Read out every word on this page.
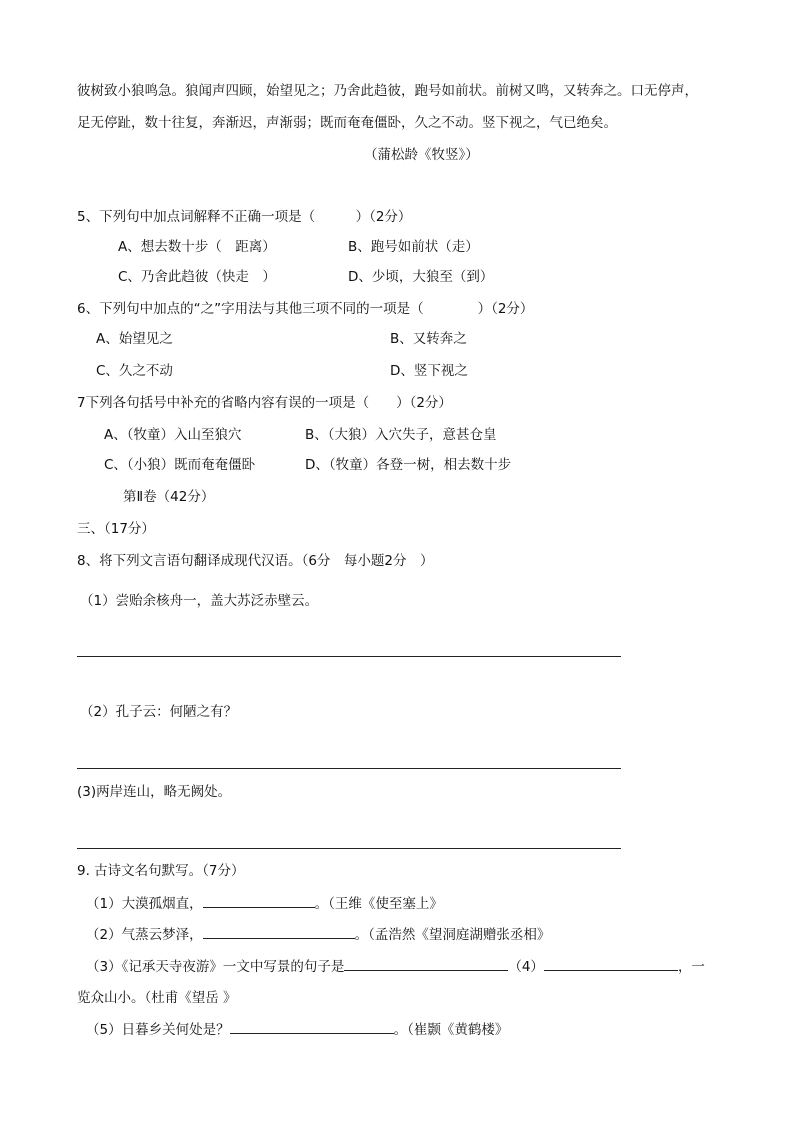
彼树致小狼鸣急。狼闻声四顾，始望见之；乃舍此趋彼，跑号如前状。前树又鸣，又转奔之。口无停声，
足无停趾，数十往复，奔渐迟，声渐弱；既而奄奄僵卧，久之不动。竖下视之，气已绝矣。
（蒲松龄《牧竖》）
5、下列句中加点词解释不正确一项是（　　　）（2分）
A、想去数十步（　距离）	B、跑号如前状（走）
C、乃舍此趋彼（快走　）	D、少顷，大狼至（到）
6、下列句中加点的“之”字用法与其他三项不同的一项是（　　　　）（2分）
A、始望见之	B、又转奔之
C、久之不动	D、竖下视之
7下列各句括号中补充的省略内容有误的一项是（　　）（2分）
A、（牧童）入山至狼穴	B、（大狼）入穴失子，意甚仓皇
C、（小狼）既而奄奄僵卧	D、（牧童）各登一树，相去数十步
第Ⅱ卷（42分）
三、（17分）
8、将下列文言语句翻译成现代汉语。（6分　每小题2分　）
（1）尝贻余核舟一，盖大苏泛赤壁云。
（2）孔子云：何陋之有？
(3)两岸连山，略无阙处。
9. 古诗文名句默写。（7分）
（1）大漠孤烟直，	。（王维《使至塞上》
（2）气蒸云梦泽，	。（孟浩然《望洞庭湖赠张丞相》
（3）《记承天寺夜游》一文中写景的句子是	（4）	，一
览众山小。（杜甫《望岳 》
（5）日暮乡关何处是？	。（崔颢《黄鹤楼》
